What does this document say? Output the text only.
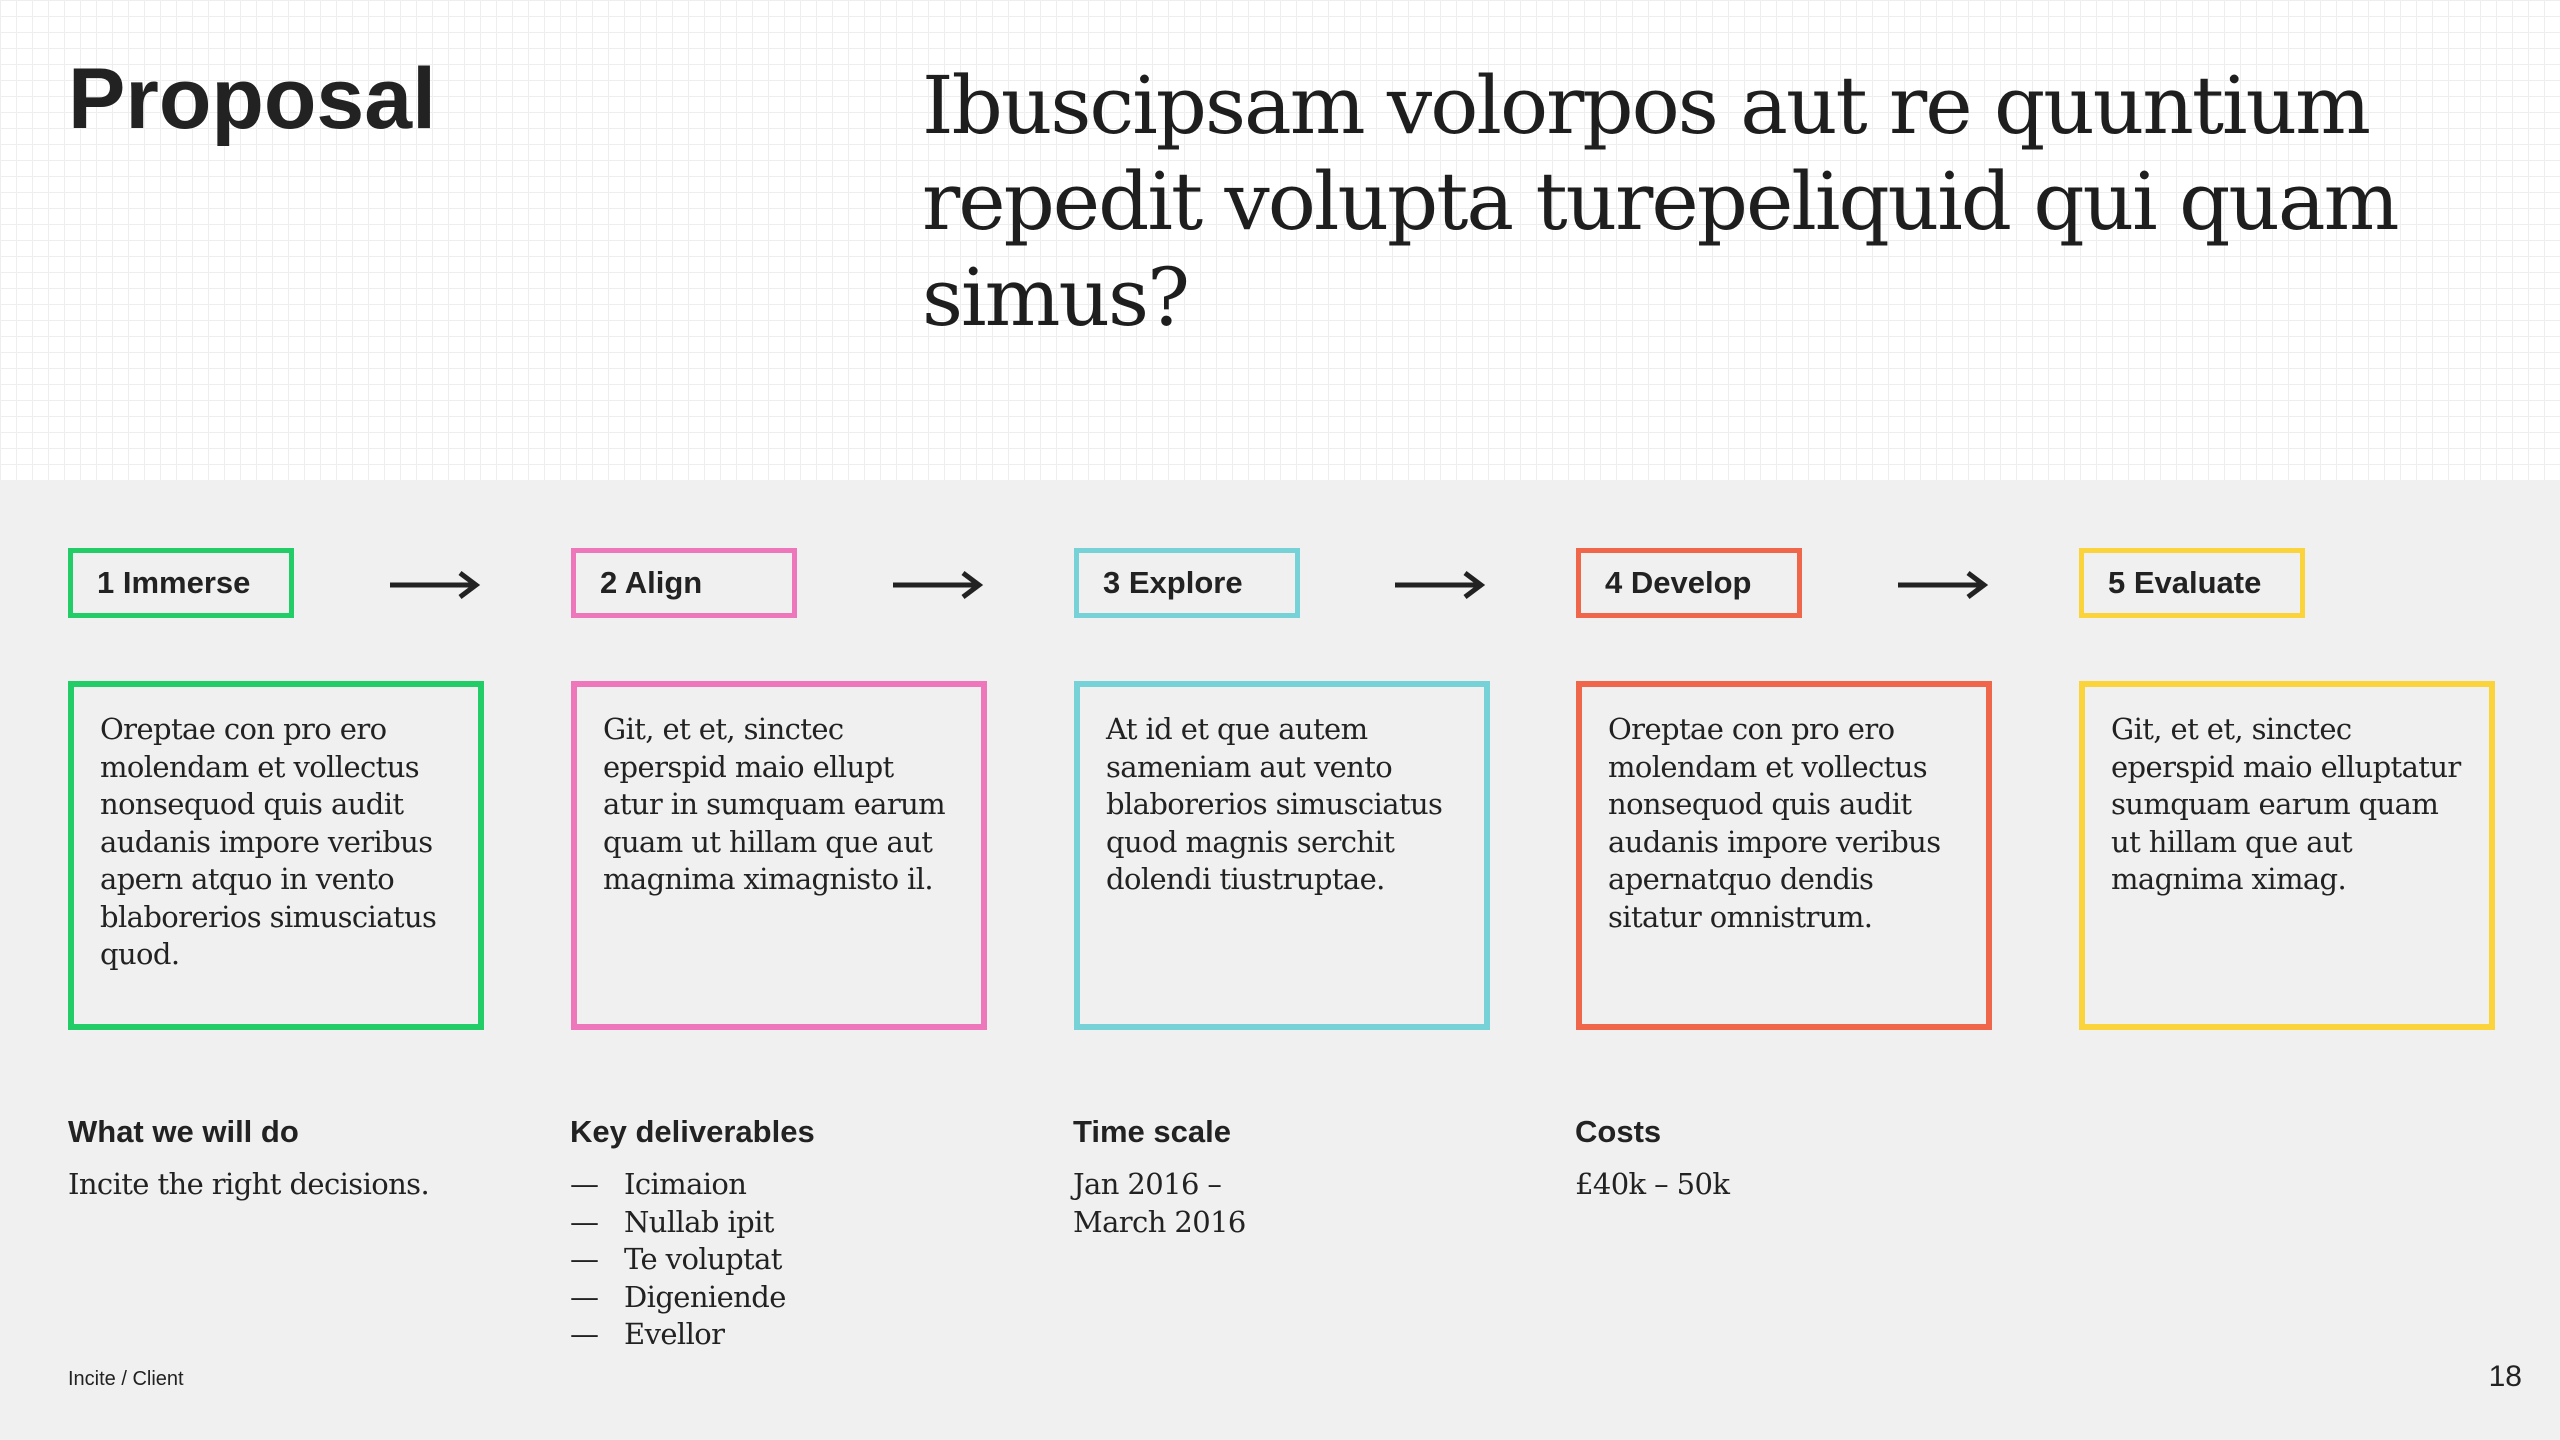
Proposal	Ibuscipsam volorpos aut re quuntium repedit volupta turepeliquid qui quam simus?
1 Immerse	2 Align	3 Explore	4 Develop	5 Evaluate
Oreptae con pro ero molendam et vollectus nonsequod quis audit audanis impore veribus apern atquo in vento blaborerios simusciatus quod.
Git, et et, sinctec eperspid maio ellupt atur in sumquam earum quam ut hillam que aut magnima ximagnisto il.
At id et que autem sameniam aut vento blaborerios simusciatus quod magnis serchit dolendi tiustruptae.
Oreptae con pro ero molendam et vollectus nonsequod quis audit audanis impore veribus apernatquo dendis sitatur omnistrum.
Git, et et, sinctec eperspid maio elluptatur sumquam earum quam ut hillam que aut magnima ximag.
What we will do
Incite the right decisions.
Key deliverables
— Icimaion
— Nullab ipit
— Te voluptat
— Digeniende
— Evellor
Time scale
Jan 2016 – March 2016
Costs
£40k – 50k
Incite / Client	18
